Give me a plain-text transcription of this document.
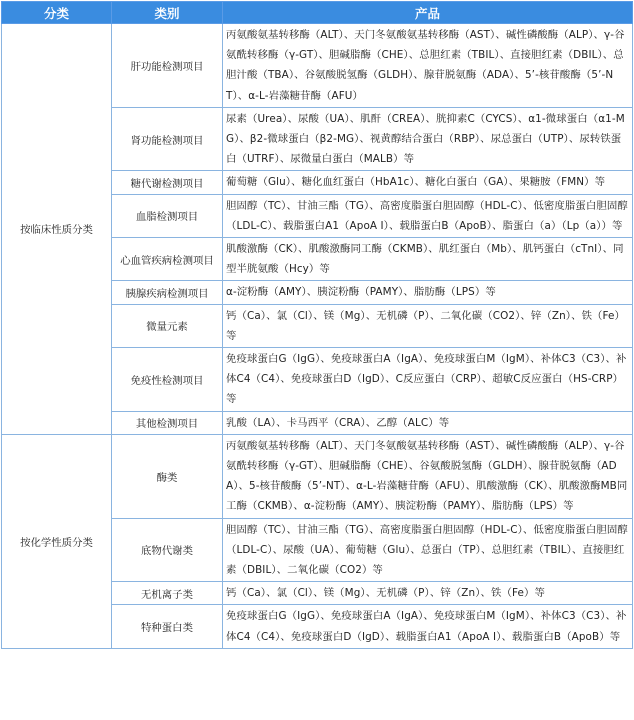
分类	类别	产品
按临床性质分类	肝功能检测项目	丙氨酸氨基转移酶（ALT）、天门冬氨酸氨基转移酶（AST）、碱性磷酸酶（ALP）、γ-谷氨酰转移酶（γ-GT）、胆碱脂酶（CHE）、总胆红素（TBIL）、直接胆红素（DBIL）、总胆汁酸（TBA）、谷氨酸脱氢酶（GLDH）、腺苷脱氨酶（ADA）、5’-核苷酸酶（5’-NT）、α-L-岩藻糖苷酶（AFU）
	肾功能检测项目	尿素（Urea）、尿酸（UA）、肌酐（CREA）、胱抑素C（CYCS）、α1-微球蛋白（α1-MG）、β2-微球蛋白（β2-MG）、视黄醇结合蛋白（RBP）、尿总蛋白（UTP）、尿转铁蛋白（UTRF）、尿微量白蛋白（MALB）等
	糖代谢检测项目	葡萄糖（Glu）、糖化血红蛋白（HbA1c）、糖化白蛋白（GA）、果糖胺（FMN）等
	血脂检测项目	胆固醇（TC）、甘油三酯（TG）、高密度脂蛋白胆固醇（HDL-C）、低密度脂蛋白胆固醇（LDL-C）、载脂蛋白A1（ApoA I）、载脂蛋白B（ApoB）、脂蛋白（a）（Lp（a））等
	心血管疾病检测项目	肌酸激酶（CK）、肌酸激酶同工酶（CKMB）、肌红蛋白（Mb）、肌钙蛋白（cTnI）、同型半胱氨酸（Hcy）等
	胰腺疾病检测项目	α-淀粉酶（AMY）、胰淀粉酶（PAMY）、脂肪酶（LPS）等
	微量元素	钙（Ca）、氯（Cl）、镁（Mg）、无机磷（P）、二氧化碳（CO2）、锌（Zn）、铁（Fe）等
	免疫性检测项目	免疫球蛋白G（IgG）、免疫球蛋白A（IgA）、免疫球蛋白M（IgM）、补体C3（C3）、补体C4（C4）、免疫球蛋白D（IgD）、C反应蛋白（CRP）、超敏C反应蛋白（HS-CRP）等
	其他检测项目	乳酸（LA）、卡马西平（CRA）、乙醇（ALC）等
按化学性质分类	酶类	丙氨酸氨基转移酶（ALT）、天门冬氨酸氨基转移酶（AST）、碱性磷酸酶（ALP）、γ-谷氨酰转移酶（γ-GT）、胆碱脂酶（CHE）、谷氨酸脱氢酶（GLDH）、腺苷脱氨酶（ADA）、5-核苷酸酶（5’-NT）、α-L-岩藻糖苷酶（AFU）、肌酸激酶（CK）、肌酸激酶MB同工酶（CKMB）、α-淀粉酶（AMY）、胰淀粉酶（PAMY）、脂肪酶（LPS）等
	底物代谢类	胆固醇（TC）、甘油三酯（TG）、高密度脂蛋白胆固醇（HDL-C）、低密度脂蛋白胆固醇（LDL-C）、尿酸（UA）、葡萄糖（Glu）、总蛋白（TP）、总胆红素（TBIL）、直接胆红素（DBIL）、二氧化碳（CO2）等
	无机离子类	钙（Ca）、氯（Cl）、镁（Mg）、无机磷（P）、锌（Zn）、铁（Fe）等
	特种蛋白类	免疫球蛋白G（IgG）、免疫球蛋白A（IgA）、免疫球蛋白M（IgM）、补体C3（C3）、补体C4（C4）、免疫球蛋白D（IgD）、载脂蛋白A1（ApoA I）、载脂蛋白B（ApoB）等
